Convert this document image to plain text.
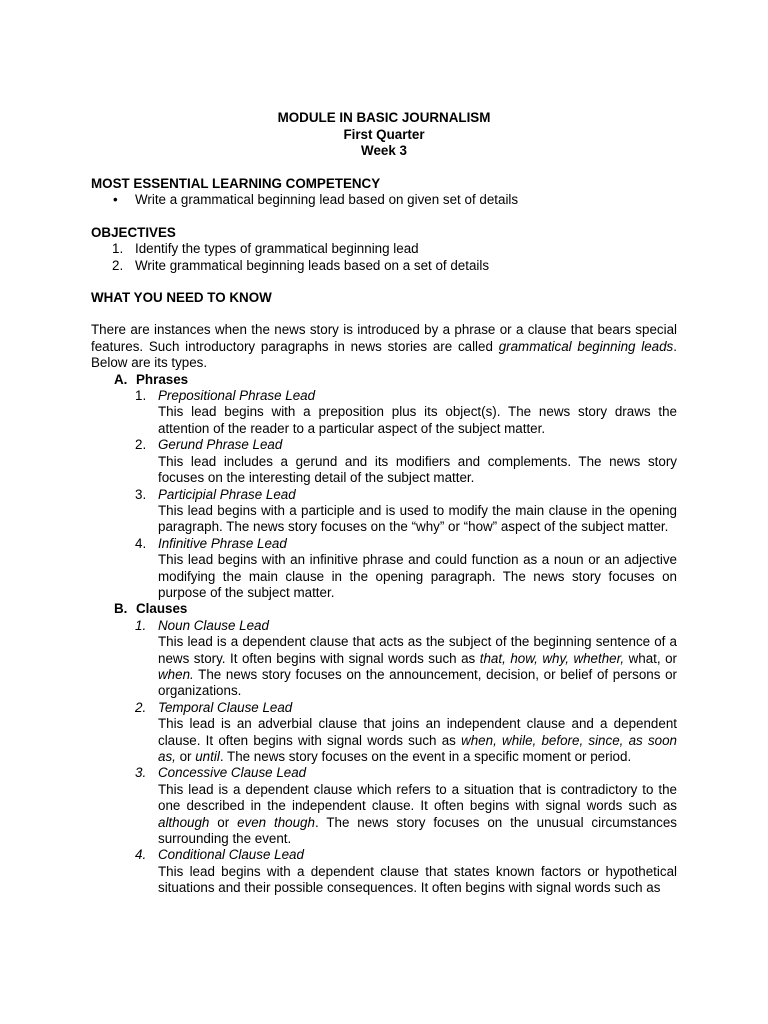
MODULE IN BASIC JOURNALISM
First Quarter
Week 3
MOST ESSENTIAL LEARNING COMPETENCY
• Write a grammatical beginning lead based on given set of details
OBJECTIVES
1. Identify the types of grammatical beginning lead
2. Write grammatical beginning leads based on a set of details
WHAT YOU NEED TO KNOW

There are instances when the news story is introduced by a phrase or a clause that bears special features. Such introductory paragraphs in news stories are called grammatical beginning leads. Below are its types.

A. Phrases
1. Prepositional Phrase Lead
This lead begins with a preposition plus its object(s). The news story draws the attention of the reader to a particular aspect of the subject matter.
2. Gerund Phrase Lead
This lead includes a gerund and its modifiers and complements. The news story focuses on the interesting detail of the subject matter.
3. Participial Phrase Lead
This lead begins with a participle and is used to modify the main clause in the opening paragraph. The news story focuses on the “why” or “how” aspect of the subject matter.
4. Infinitive Phrase Lead
This lead begins with an infinitive phrase and could function as a noun or an adjective modifying the main clause in the opening paragraph. The news story focuses on purpose of the subject matter.
B. Clauses
1. Noun Clause Lead
This lead is a dependent clause that acts as the subject of the beginning sentence of a news story. It often begins with signal words such as that, how, why, whether, what, or when. The news story focuses on the announcement, decision, or belief of persons or organizations.
2. Temporal Clause Lead
This lead is an adverbial clause that joins an independent clause and a dependent clause. It often begins with signal words such as when, while, before, since, as soon as, or until. The news story focuses on the event in a specific moment or period.
3. Concessive Clause Lead
This lead is a dependent clause which refers to a situation that is contradictory to the one described in the independent clause. It often begins with signal words such as although or even though. The news story focuses on the unusual circumstances surrounding the event.
4. Conditional Clause Lead
This lead begins with a dependent clause that states known factors or hypothetical situations and their possible consequences. It often begins with signal words such as
